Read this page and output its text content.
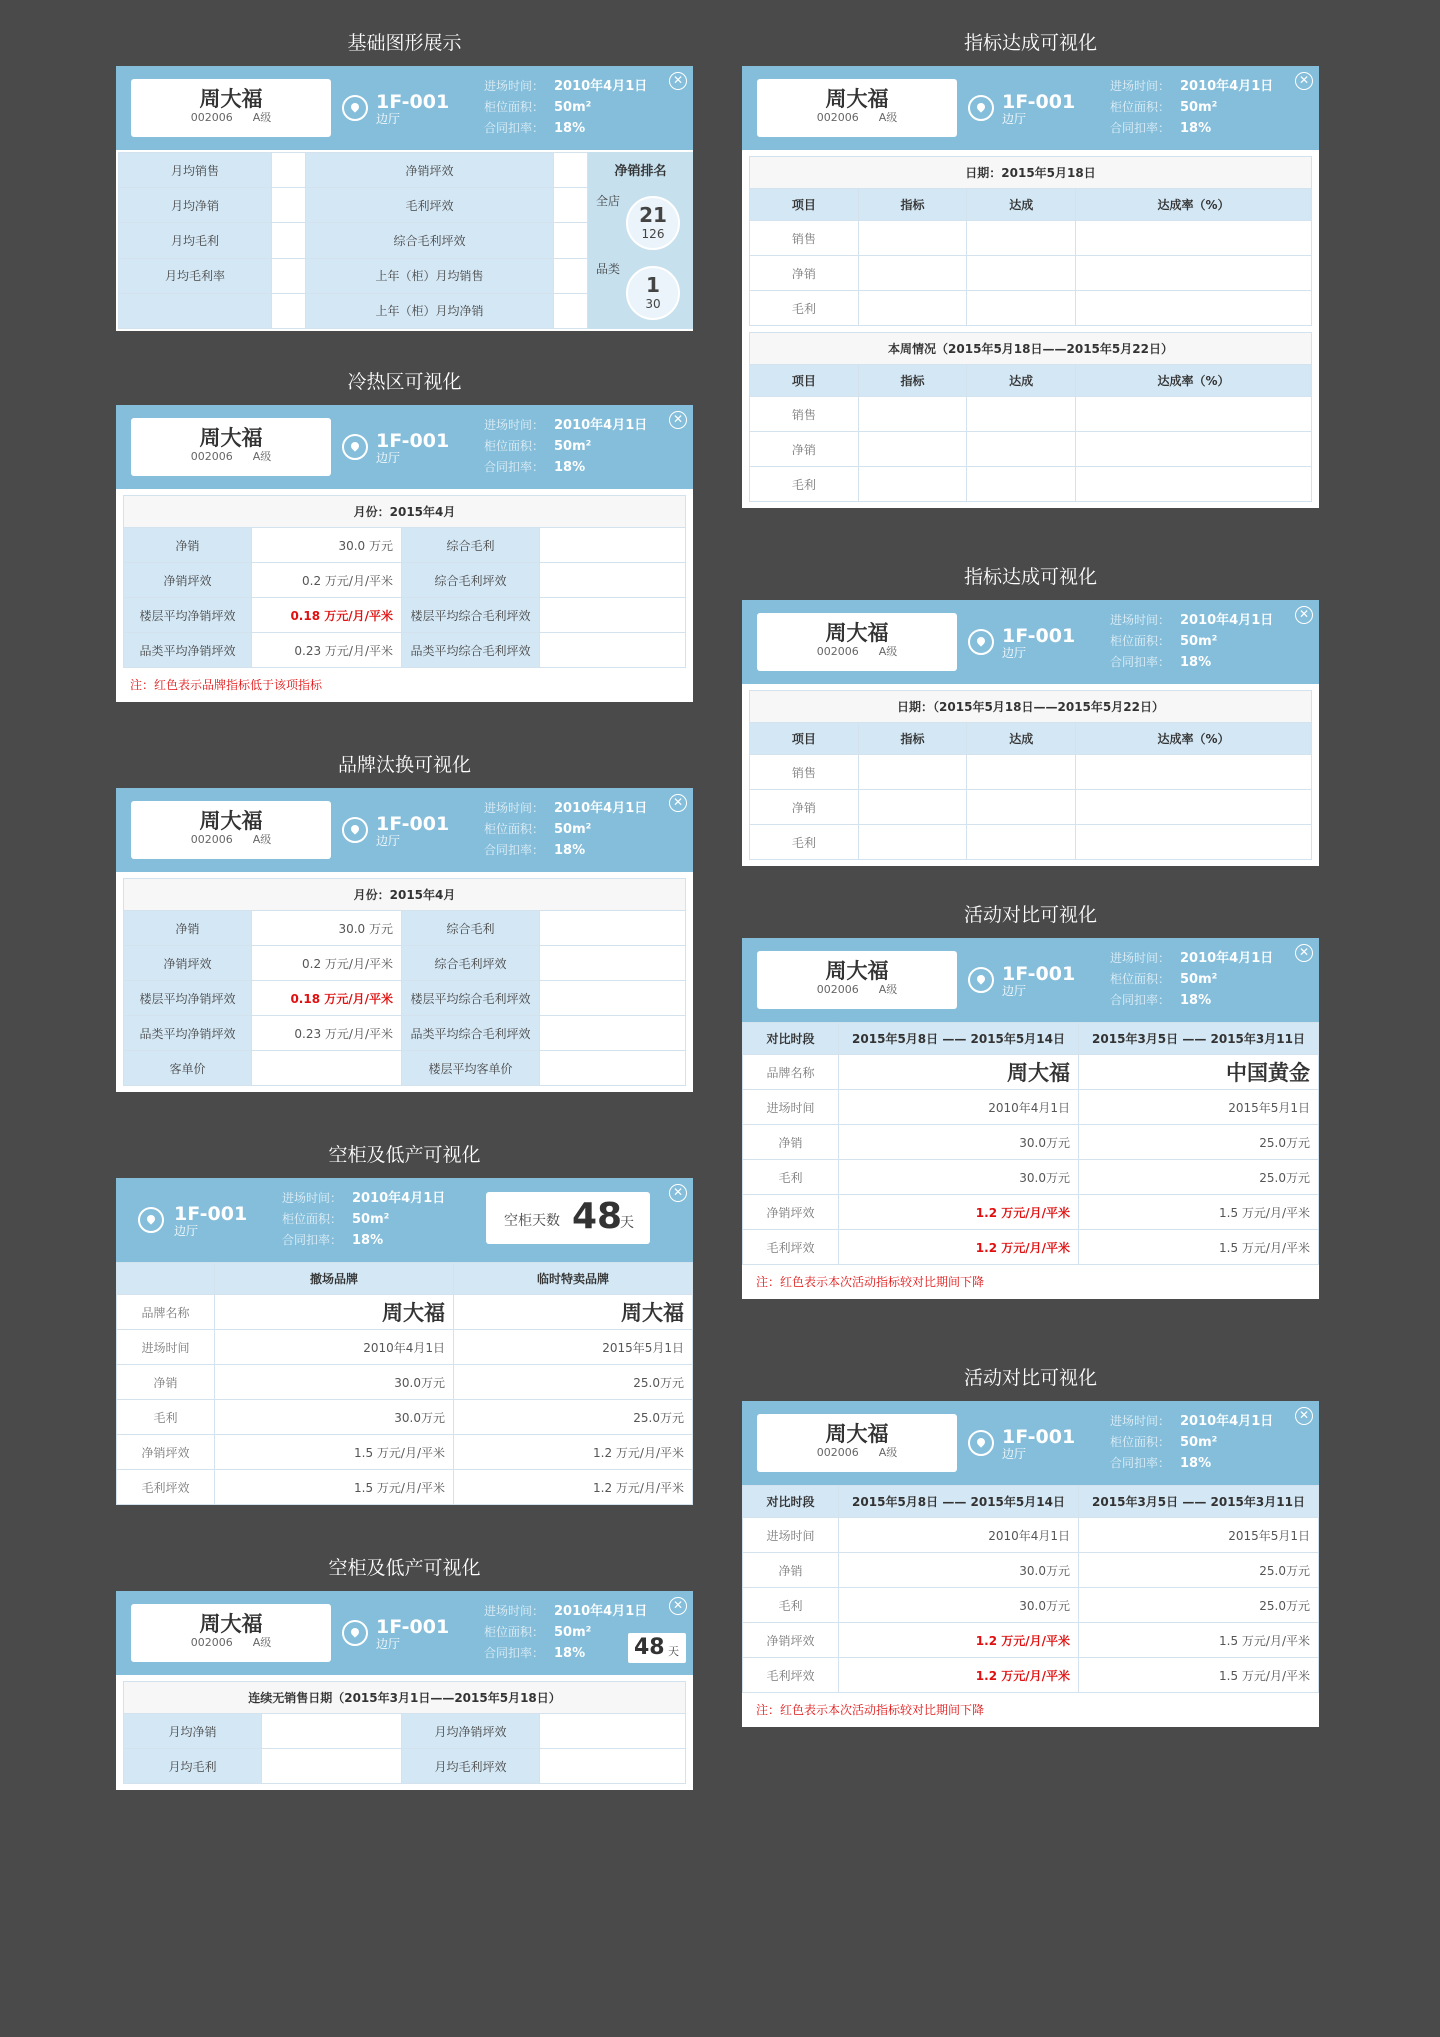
基础图形展示
周大福
002006 A级
1F-001
边厅
进场时间： 2010年4月1日
柜位面积： 50m²
合同扣率： 18%
✕
月均销售		净销坪效	
月均净销		毛利坪效	
月均毛利		综合毛利坪效	
月均毛利率		上年（柜）月均销售	
		上年（柜）月均净销	
净销排名
全店
21
126
品类
1
30
冷热区可视化
周大福
002006 A级
1F-001
边厅
进场时间： 2010年4月1日
柜位面积： 50m²
合同扣率： 18%
✕
月份：2015年4月			
净销	30.0 万元	综合毛利	
净销坪效	0.2 万元/月/平米	综合毛利坪效	
楼层平均净销坪效	0.18 万元/月/平米	楼层平均综合毛利坪效	
品类平均净销坪效	0.23 万元/月/平米	品类平均综合毛利坪效	
注：红色表示品牌指标低于该项指标
品牌汰换可视化
周大福
002006 A级
1F-001
边厅
进场时间： 2010年4月1日
柜位面积： 50m²
合同扣率： 18%
✕
月份：2015年4月			
净销	30.0 万元	综合毛利	
净销坪效	0.2 万元/月/平米	综合毛利坪效	
楼层平均净销坪效	0.18 万元/月/平米	楼层平均综合毛利坪效	
品类平均净销坪效	0.23 万元/月/平米	品类平均综合毛利坪效	
客单价		楼层平均客单价	
空柜及低产可视化
1F-001
边厅
进场时间： 2010年4月1日
柜位面积： 50m²
合同扣率： 18%
空柜天数 48
天
✕
	撤场品牌	临时特卖品牌
品牌名称	周大福	周大福
进场时间	2010年4月1日	2015年5月1日
净销	30.0万元	25.0万元
毛利	30.0万元	25.0万元
净销坪效	1.5 万元/月/平米	1.2 万元/月/平米
毛利坪效	1.5 万元/月/平米	1.2 万元/月/平米
空柜及低产可视化
周大福
002006 A级
1F-001
边厅
进场时间： 2010年4月1日
柜位面积： 50m²
合同扣率： 18%	48 天
✕
连续无销售日期（2015年3月1日——2015年5月18日）			
月均净销		月均净销坪效	
月均毛利		月均毛利坪效	
指标达成可视化
周大福
002006 A级
1F-001
边厅
进场时间： 2010年4月1日
柜位面积： 50m²
合同扣率： 18%
✕
日期：2015年5月18日			
项目	指标	达成	达成率（%）
销售			
净销			
毛利			
本周情况（2015年5月18日——2015年5月22日）			
项目	指标	达成	达成率（%）
销售			
净销			
毛利			
指标达成可视化
周大福
002006 A级
1F-001
边厅
进场时间： 2010年4月1日
柜位面积： 50m²
合同扣率： 18%
✕
日期：（2015年5月18日——2015年5月22日）			
项目	指标	达成	达成率（%）
销售			
净销			
毛利			
活动对比可视化
周大福
002006 A级
1F-001
边厅
进场时间： 2010年4月1日
柜位面积： 50m²
合同扣率： 18%
✕
对比时段	2015年5月8日 —— 2015年5月14日	2015年3月5日 —— 2015年3月11日
品牌名称	周大福	中国黄金
进场时间	2010年4月1日	2015年5月1日
净销	30.0万元	25.0万元
毛利	30.0万元	25.0万元
净销坪效	1.2 万元/月/平米	1.5 万元/月/平米
毛利坪效	1.2 万元/月/平米	1.5 万元/月/平米
注：红色表示本次活动指标较对比期间下降
活动对比可视化
周大福
002006 A级
1F-001
边厅
进场时间： 2010年4月1日
柜位面积： 50m²
合同扣率： 18%
✕
对比时段	2015年5月8日 —— 2015年5月14日	2015年3月5日 —— 2015年3月11日
进场时间	2010年4月1日	2015年5月1日
净销	30.0万元	25.0万元
毛利	30.0万元	25.0万元
净销坪效	1.2 万元/月/平米	1.5 万元/月/平米
毛利坪效	1.2 万元/月/平米	1.5 万元/月/平米
注：红色表示本次活动指标较对比期间下降
